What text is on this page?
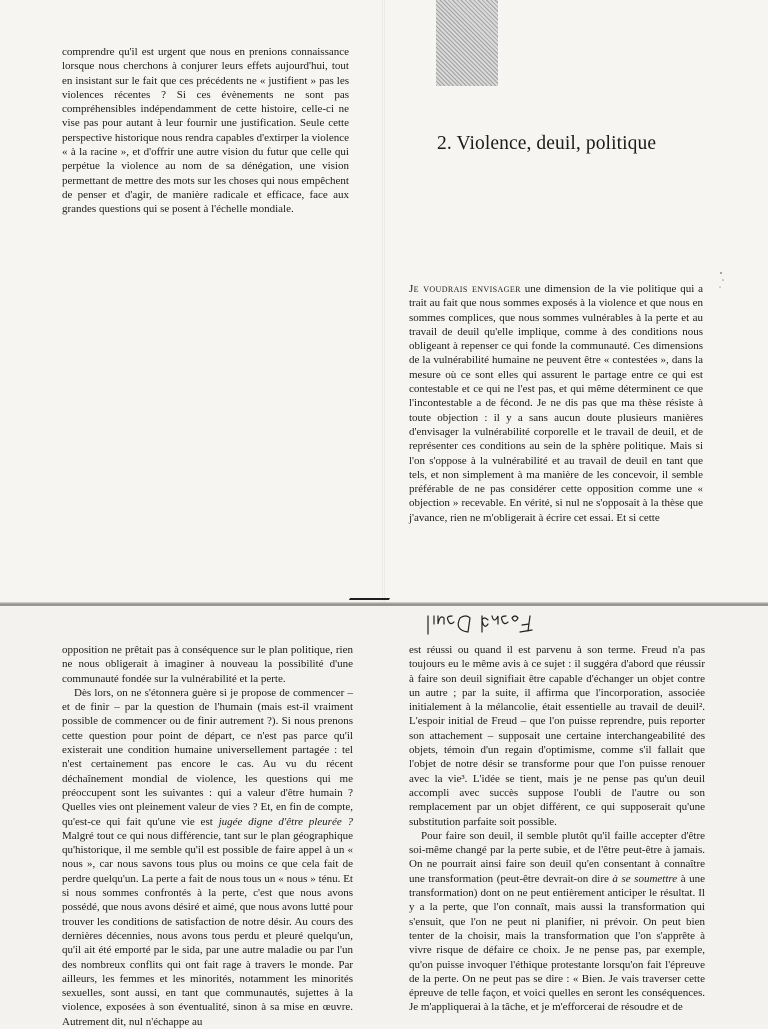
comprendre qu'il est urgent que nous en prenions connaissance lorsque nous cherchons à conjurer leurs effets aujourd'hui, tout en insistant sur le fait que ces précédents ne « justifient » pas les violences récentes ? Si ces évènements ne sont pas compréhensibles indépendamment de cette histoire, celle-ci ne vise pas pour autant à leur fournir une justification. Seule cette perspective historique nous rendra capables d'extirper la violence « à la racine », et d'offrir une autre vision du futur que celle qui perpétue la violence au nom de sa dénégation, une vision permettant de mettre des mots sur les choses qui nous empêchent de penser et d'agir, de manière radicale et efficace, face aux grandes questions qui se posent à l'échelle mondiale.

2. Violence, deuil, politique

Je voudrais envisager une dimension de la vie politique qui a trait au fait que nous sommes exposés à la violence et que nous en sommes complices, que nous sommes vulnérables à la perte et au travail de deuil qu'elle implique, comme à des conditions nous obligeant à repenser ce qui fonde la communauté. Ces dimensions de la vulnérabilité humaine ne peuvent être « contestées », dans la mesure où ce sont elles qui assurent le partage entre ce qui est contestable et ce qui ne l'est pas, et qui même déterminent ce que l'incontestable a de fécond. Je ne dis pas que ma thèse résiste à toute objection : il y a sans aucun doute plusieurs manières d'envisager la vulnérabilité corporelle et le travail de deuil, et de représenter ces conditions au sein de la sphère politique. Mais si l'on s'oppose à la vulnérabilité et au travail de deuil en tant que tels, et non simplement à ma manière de les concevoir, il semble préférable de ne pas considérer cette opposition comme une « objection » recevable. En vérité, si nul ne s'opposait à la thèse que j'avance, rien ne m'obligerait à écrire cet essai. Et si cette

opposition ne prêtait pas à conséquence sur le plan politique, rien ne nous obligerait à imaginer à nouveau la possibilité d'une communauté fondée sur la vulnérabilité et la perte.

Dès lors, on ne s'étonnera guère si je propose de commencer – et de finir – par la question de l'humain (mais est-il vraiment possible de commencer ou de finir autrement ?). Si nous prenons cette question pour point de départ, ce n'est pas parce qu'il existerait une condition humaine universellement partagée : tel n'est certainement pas encore le cas. Au vu du récent déchaînement mondial de violence, les questions qui me préoccupent sont les suivantes : qui a valeur d'être humain ? Quelles vies ont pleinement valeur de vies ? Et, en fin de compte, qu'est-ce qui fait qu'une vie est jugée digne d'être pleurée ? Malgré tout ce qui nous différencie, tant sur le plan géographique qu'historique, il me semble qu'il est possible de faire appel à un « nous », car nous savons tous plus ou moins ce que cela fait de perdre quelqu'un. La perte a fait de nous tous un « nous » ténu. Et si nous sommes confrontés à la perte, c'est que nous avons possédé, que nous avons désiré et aimé, que nous avons lutté pour trouver les conditions de satisfaction de notre désir. Au cours des dernières décennies, nous avons tous perdu et pleuré quelqu'un, qu'il ait été emporté par le sida, par une autre maladie ou par l'un des nombreux conflits qui ont fait rage à travers le monde. Par ailleurs, les femmes et les minorités, notamment les minorités sexuelles, sont aussi, en tant que communautés, sujettes à la violence, exposées à son éventualité, sinon à sa mise en œuvre. Autrement dit, nul n'échappe au

est réussi ou quand il est parvenu à son terme. Freud n'a pas toujours eu le même avis à ce sujet : il suggéra d'abord que réussir à faire son deuil signifiait être capable d'échanger un objet contre un autre ; par la suite, il affirma que l'incorporation, associée initialement à la mélancolie, était essentielle au travail de deuil². L'espoir initial de Freud – que l'on puisse reprendre, puis reporter son attachement – supposait une certaine interchangeabilité des objets, témoin d'un regain d'optimisme, comme s'il fallait que l'objet de notre désir se transforme pour que l'on puisse renouer avec la vie³. L'idée se tient, mais je ne pense pas qu'un deuil accompli avec succès suppose l'oubli de l'autre ou son remplacement par un objet différent, ce qui supposerait qu'une substitution parfaite soit possible.

Pour faire son deuil, il semble plutôt qu'il faille accepter d'être soi-même changé par la perte subie, et de l'être peut-être à jamais. On ne pourrait ainsi faire son deuil qu'en consentant à connaître une transformation (peut-être devrait-on dire à se soumettre à une transformation) dont on ne peut entièrement anticiper le résultat. Il y a la perte, que l'on connaît, mais aussi la transformation qui s'ensuit, que l'on ne peut ni planifier, ni prévoir. On peut bien tenter de la choisir, mais la transformation que l'on s'apprête à vivre risque de défaire ce choix. Je ne pense pas, par exemple, qu'on puisse invoquer l'éthique protestante lorsqu'on fait l'épreuve de la perte. On ne peut pas se dire : « Bien. Je vais traverser cette épreuve de telle façon, et voici quelles en seront les conséquences. Je m'appliquerai à la tâche, et je m'efforcerai de résoudre et de
